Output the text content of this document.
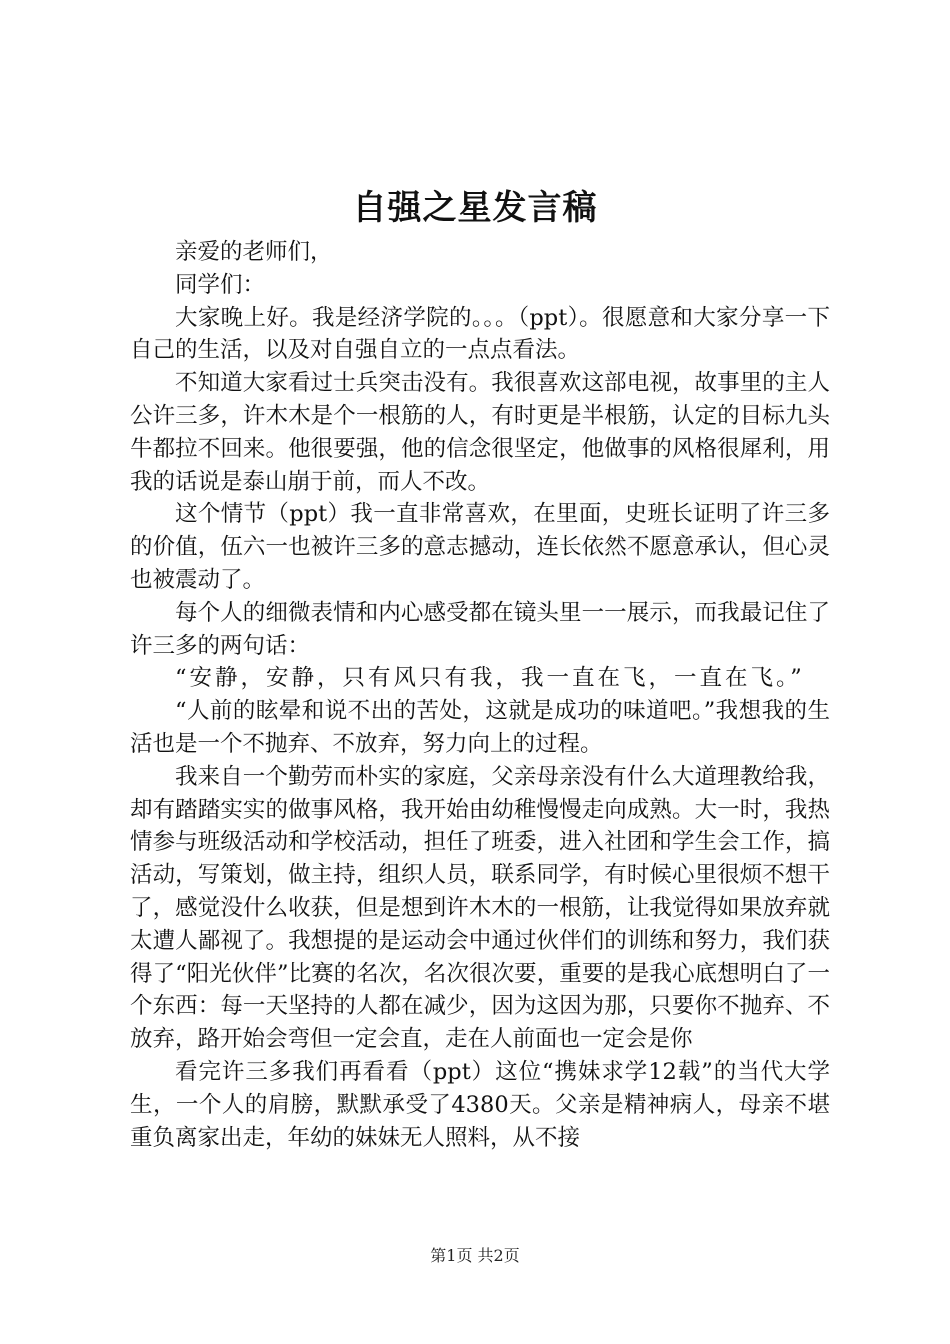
自强之星发言稿

亲爱的老师们，

同学们：

大家晚上好。我是经济学院的。。。（ppt）。很愿意和大家分享一下自己的生活，以及对自强自立的一点点看法。

不知道大家看过士兵突击没有。我很喜欢这部电视，故事里的主人公许三多，许木木是个一根筋的人，有时更是半根筋，认定的目标九头牛都拉不回来。他很要强，他的信念很坚定，他做事的风格很犀利，用我的话说是泰山崩于前，而人不改。

这个情节（ppt）我一直非常喜欢，在里面，史班长证明了许三多的价值，伍六一也被许三多的意志撼动，连长依然不愿意承认，但心灵也被震动了。

每个人的细微表情和内心感受都在镜头里一一展示，而我最记住了许三多的两句话：

“安静，安静，只有风只有我，我一直在飞，一直在飞。”

“人前的眩晕和说不出的苦处，这就是成功的味道吧。”我想我的生活也是一个不抛弃、不放弃，努力向上的过程。

我来自一个勤劳而朴实的家庭，父亲母亲没有什么大道理教给我，却有踏踏实实的做事风格，我开始由幼稚慢慢走向成熟。大一时，我热情参与班级活动和学校活动，担任了班委，进入社团和学生会工作，搞活动，写策划，做主持，组织人员，联系同学，有时候心里很烦不想干了，感觉没什么收获，但是想到许木木的一根筋，让我觉得如果放弃就太遭人鄙视了。我想提的是运动会中通过伙伴们的训练和努力，我们获得了“阳光伙伴”比赛的名次，名次很次要，重要的是我心底想明白了一个东西：每一天坚持的人都在减少，因为这因为那，只要你不抛弃、不放弃，路开始会弯但一定会直，走在人前面也一定会是你

看完许三多我们再看看（ppt）这位“携妹求学12载”的当代大学生，一个人的肩膀，默默承受了4380天。父亲是精神病人，母亲不堪重负离家出走，年幼的妹妹无人照料，从不接

第1页 共2页
